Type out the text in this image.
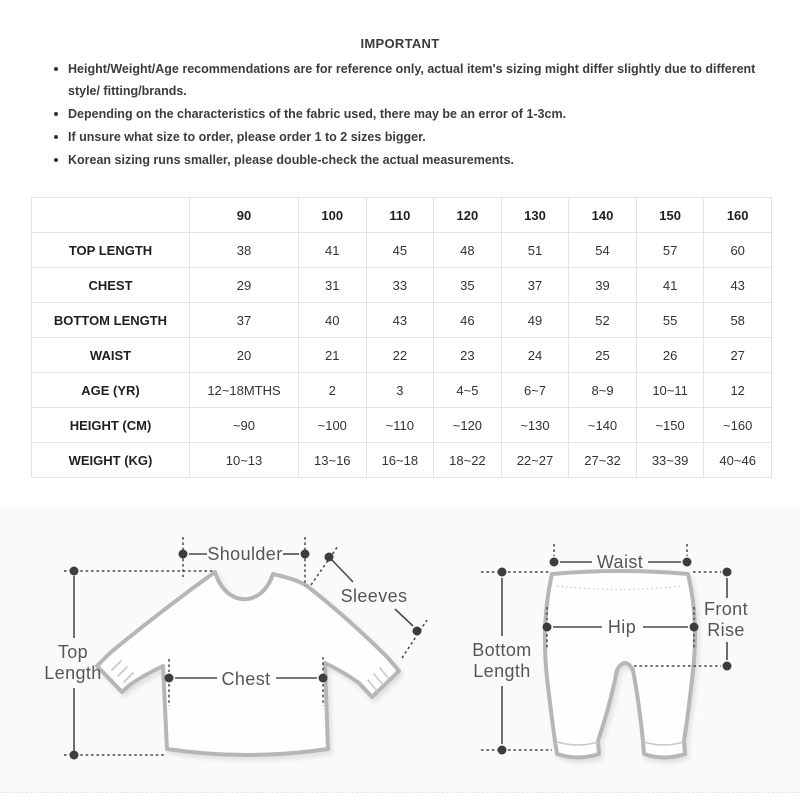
IMPORTANT
Height/Weight/Age recommendations are for reference only, actual item's sizing might differ slightly due to different style/ fitting/brands.
Depending on the characteristics of the fabric used, there may be an error of 1-3cm.
If unsure what size to order, please order 1 to 2 sizes bigger.
Korean sizing runs smaller, please double-check the actual measurements.
	90	100	110	120	130	140	150	160
TOP LENGTH	38	41	45	48	51	54	57	60
CHEST	29	31	33	35	37	39	41	43
BOTTOM LENGTH	37	40	43	46	49	52	55	58
WAIST	20	21	22	23	24	25	26	27
AGE (YR)	12~18MTHS	2	3	4~5	6~7	8~9	10~11	12
HEIGHT (CM)	~90	~100	~110	~120	~130	~140	~150	~160
WEIGHT (KG)	10~13	13~16	16~18	18~22	22~27	27~32	33~39	40~46
Shoulder
Sleeves
Top
Length	Chest
Waist
Bottom
Length
Hip
Front
Rise
